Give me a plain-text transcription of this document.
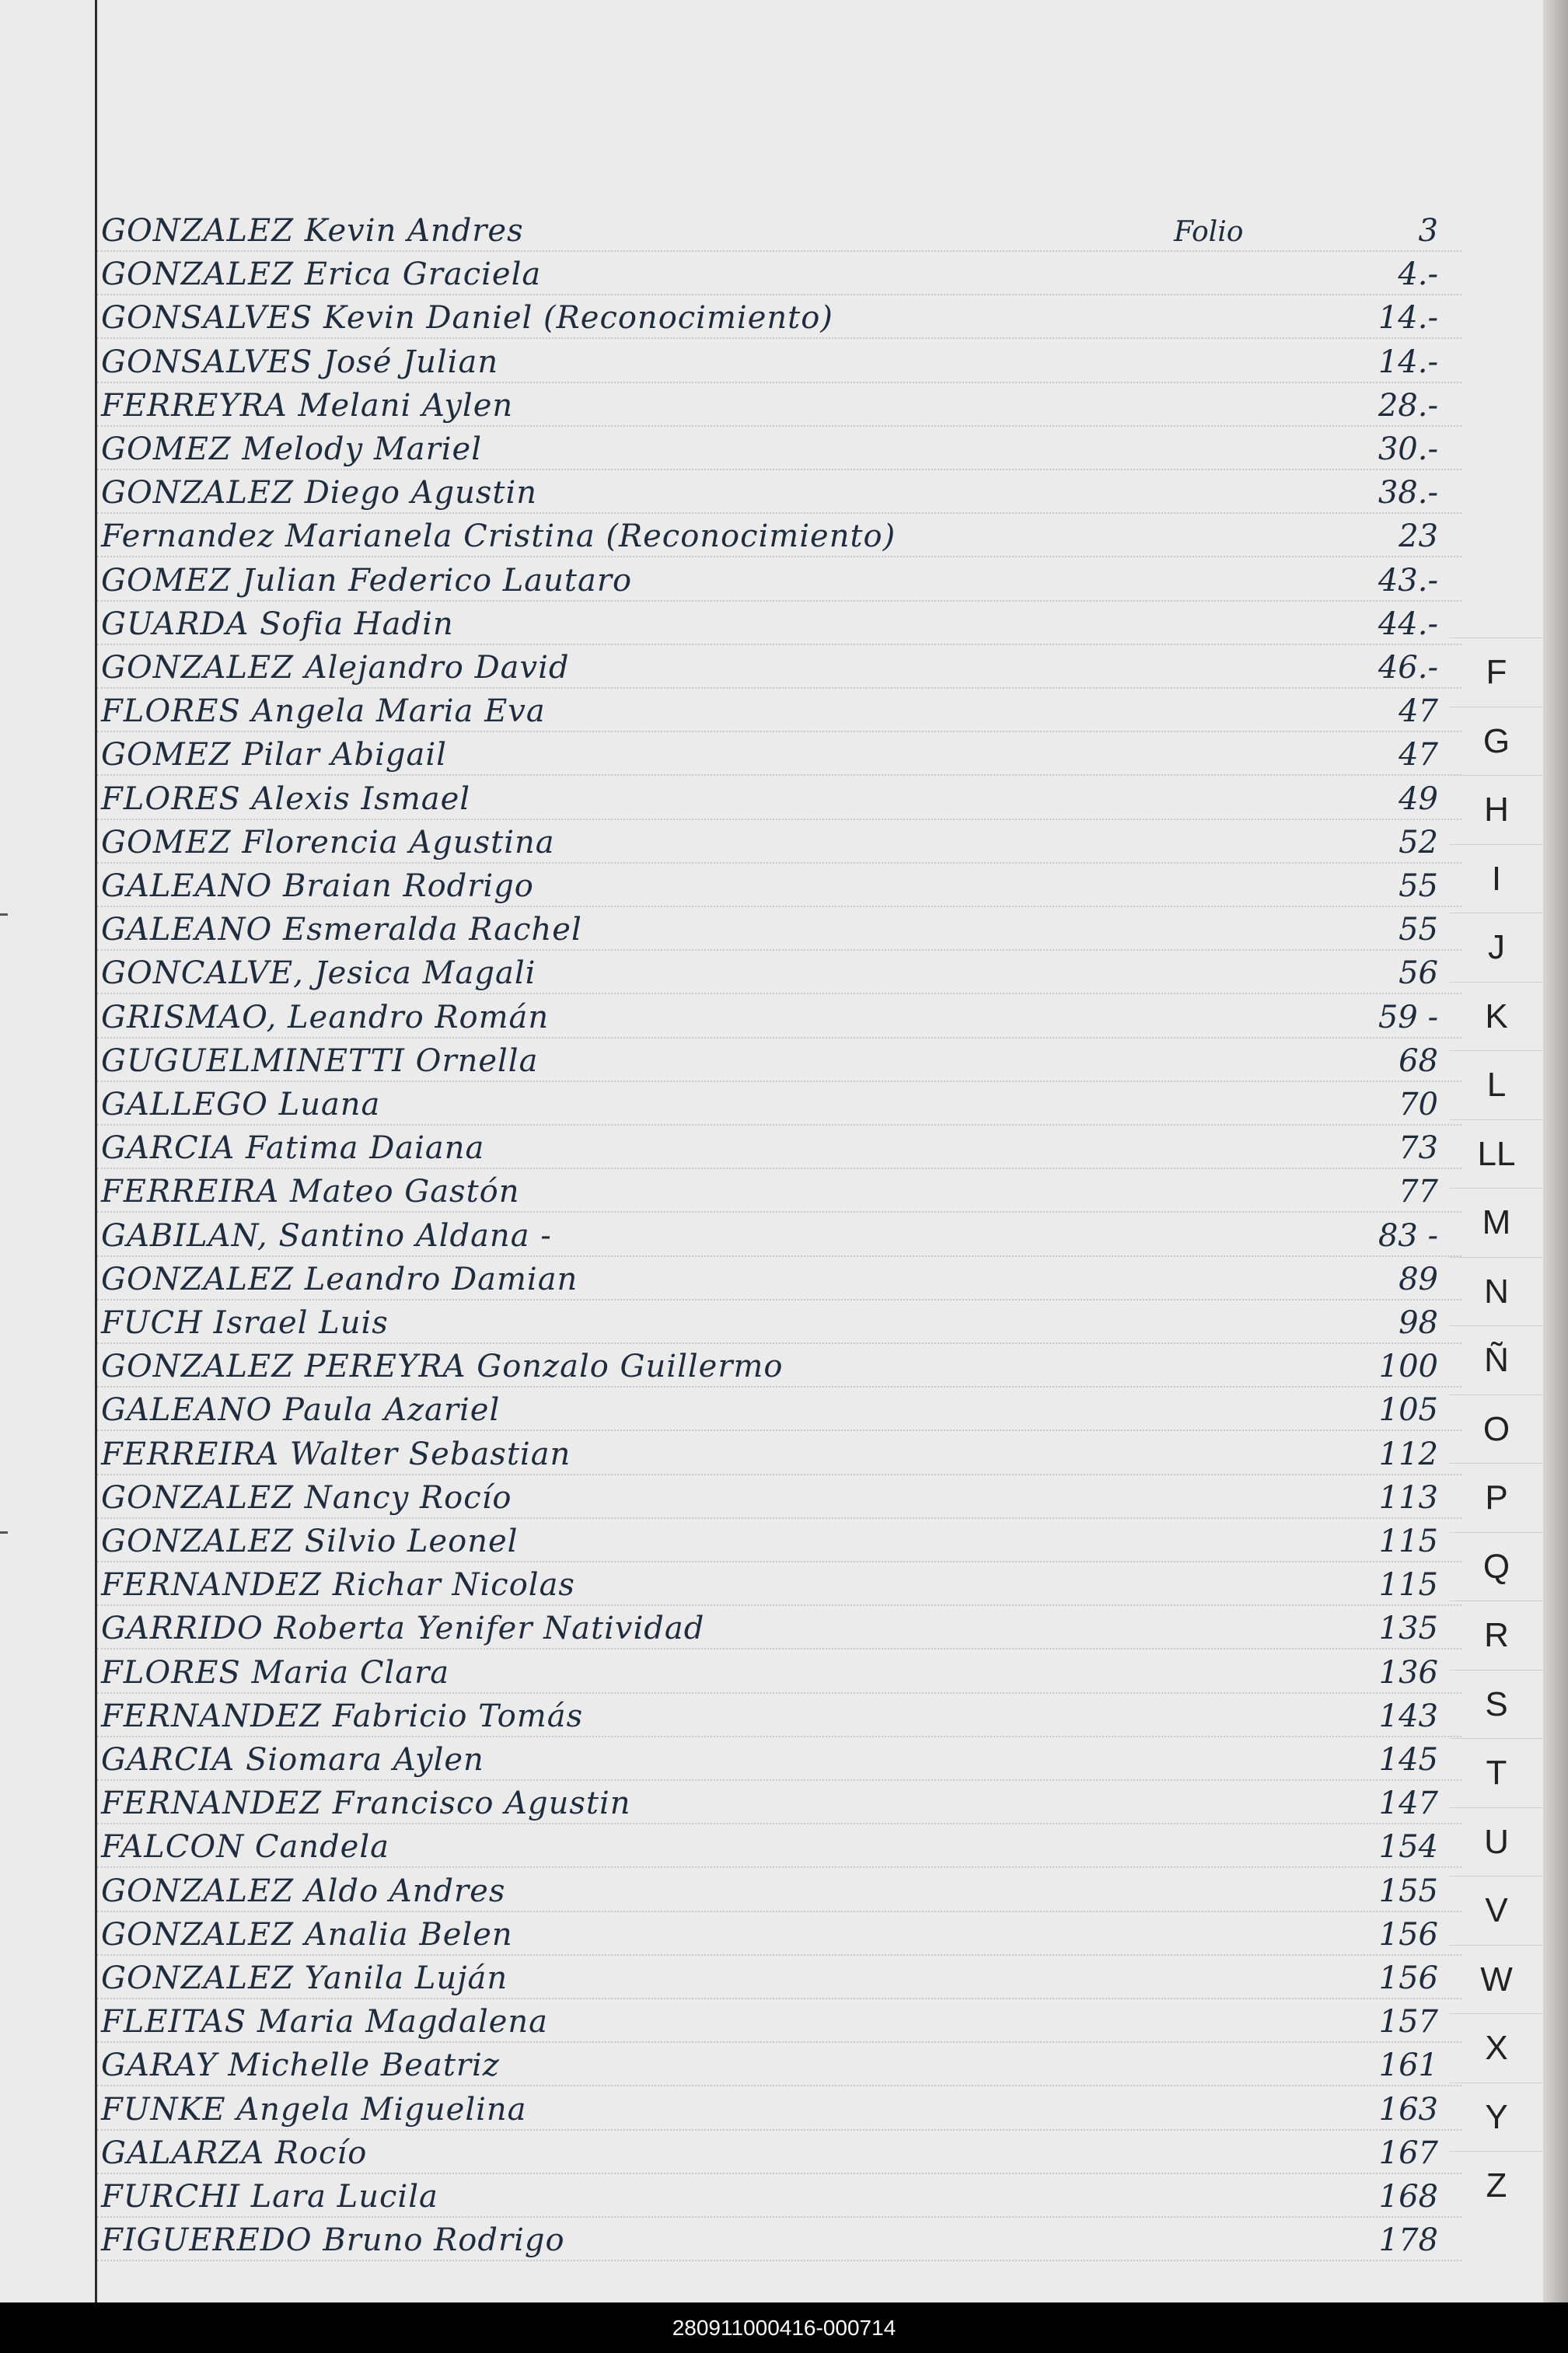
Folio
GONZALEZ Kevin Andres	3
GONZALEZ Erica Graciela	4.-
GONSALVES Kevin Daniel (Reconocimiento)	14.-
GONSALVES José Julian	14.-
FERREYRA Melani Aylen	28.-
GOMEZ Melody Mariel	30.-
GONZALEZ Diego Agustin	38.-
Fernandez Marianela Cristina (Reconocimiento)	23
GOMEZ Julian Federico Lautaro	43.-
GUARDA Sofia Hadin	44.-
GONZALEZ Alejandro David	46.-
FLORES Angela Maria Eva	47
GOMEZ Pilar Abigail	47
FLORES Alexis Ismael	49
GOMEZ Florencia Agustina	52
GALEANO Braian Rodrigo	55
GALEANO Esmeralda Rachel	55
GONCALVE, Jesica Magali	56
GRISMAO, Leandro Román	59 -
GUGUELMINETTI Ornella	68
GALLEGO Luana	70
GARCIA Fatima Daiana	73
FERREIRA Mateo Gastón	77
GABILAN, Santino Aldana -	83 -
GONZALEZ Leandro Damian	89
FUCH Israel Luis	98
GONZALEZ PEREYRA Gonzalo Guillermo	100
GALEANO Paula Azariel	105
FERREIRA Walter Sebastian	112
GONZALEZ Nancy Rocío	113
GONZALEZ Silvio Leonel	115
FERNANDEZ Richar Nicolas	115
GARRIDO Roberta Yenifer Natividad	135
FLORES Maria Clara	136
FERNANDEZ Fabricio Tomás	143
GARCIA Siomara Aylen	145
FERNANDEZ Francisco Agustin	147
FALCON Candela	154
GONZALEZ Aldo Andres	155
GONZALEZ Analia Belen	156
GONZALEZ Yanila Luján	156
FLEITAS Maria Magdalena	157
GARAY Michelle Beatriz	161
FUNKE Angela Miguelina	163
GALARZA Rocío	167
FURCHI Lara Lucila	168
FIGUEREDO Bruno Rodrigo	178
F
G
H
I
J
K
L
LL
M
N
Ñ
O
P
Q
R
S
T
U
V
W
X
Y
Z
280911000416-000714
